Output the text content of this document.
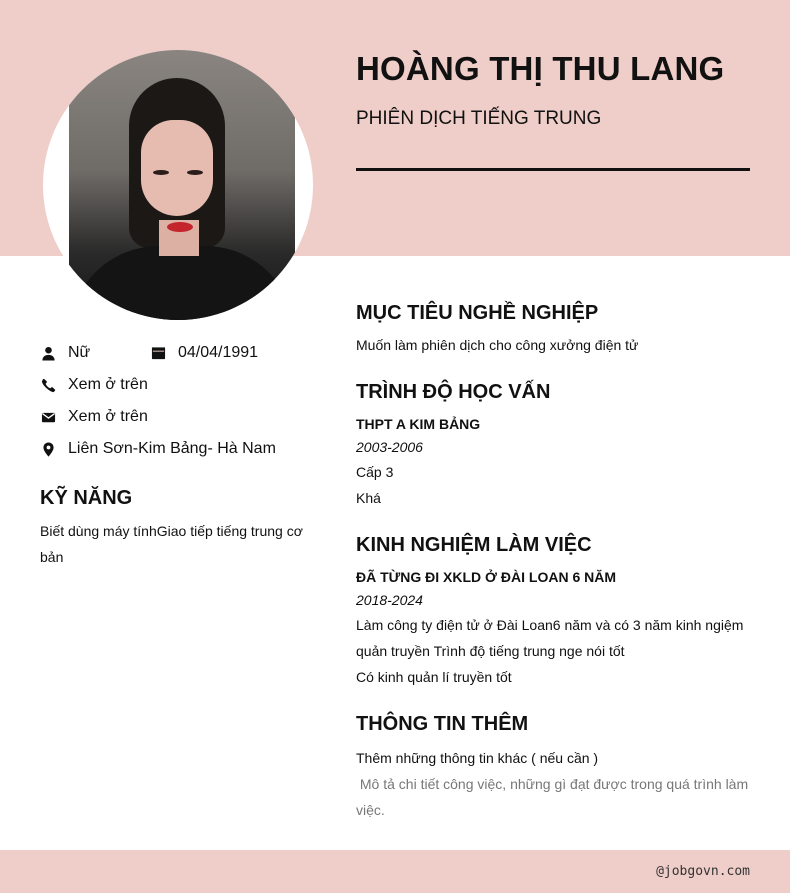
HOÀNG THỊ THU LANG
PHIÊN DỊCH TIẾNG TRUNG
Nữ	04/04/1991
Xem ở trên
Xem ở trên
Liên Sơn-Kim Bảng- Hà Nam
KỸ NĂNG
Biết dùng máy tínhGiao tiếp tiếng trung cơ bản
MỤC TIÊU NGHỀ NGHIỆP
Muốn làm phiên dịch cho công xưởng điện tử
TRÌNH ĐỘ HỌC VẤN
THPT A KIM BẢNG
2003-2006
Cấp 3
Khá
KINH NGHIỆM LÀM VIỆC
ĐÃ TỪNG ĐI XKLD Ở ĐÀI LOAN 6 NĂM
2018-2024
Làm công ty điện tử ở Đài Loan6 năm và có 3 năm kinh ngiệm quản truyền Trình độ tiếng trung nge nói tốt
Có kinh quản lí truyền tốt
THÔNG TIN THÊM
Thêm những thông tin khác ( nếu cần )
Mô tả chi tiết công việc, những gì đạt được trong quá trình làm việc.
@jobgovn.com
